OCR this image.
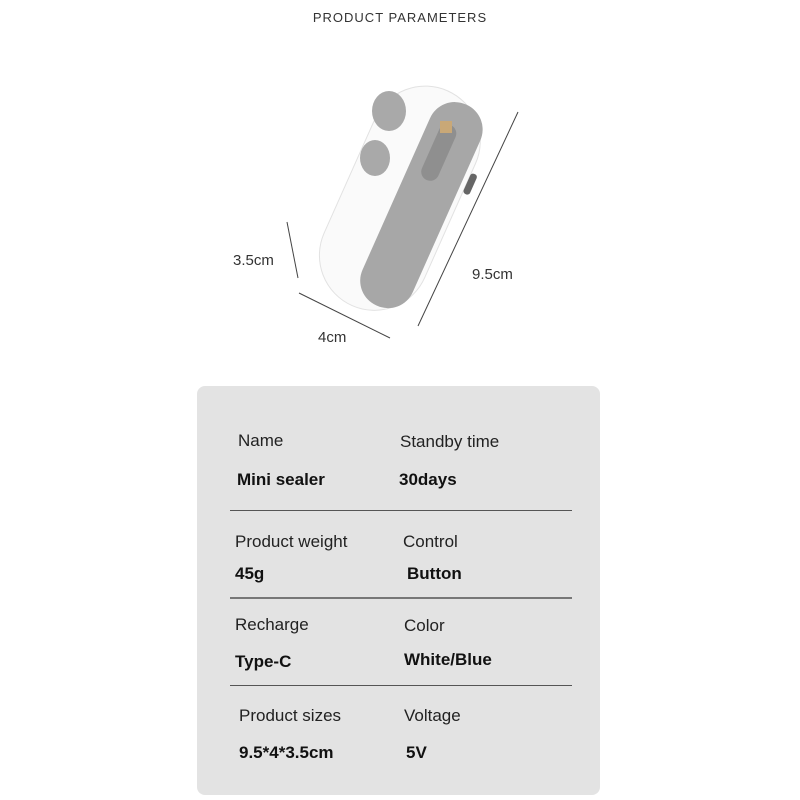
PRODUCT PARAMETERS
3.5cm
4cm
9.5cm
Name
Mini sealer
Standby time
30days
Product weight
45g
Control
Button
Recharge
Type-C
Color
White/Blue
Product sizes
9.5*4*3.5cm
Voltage
5V
